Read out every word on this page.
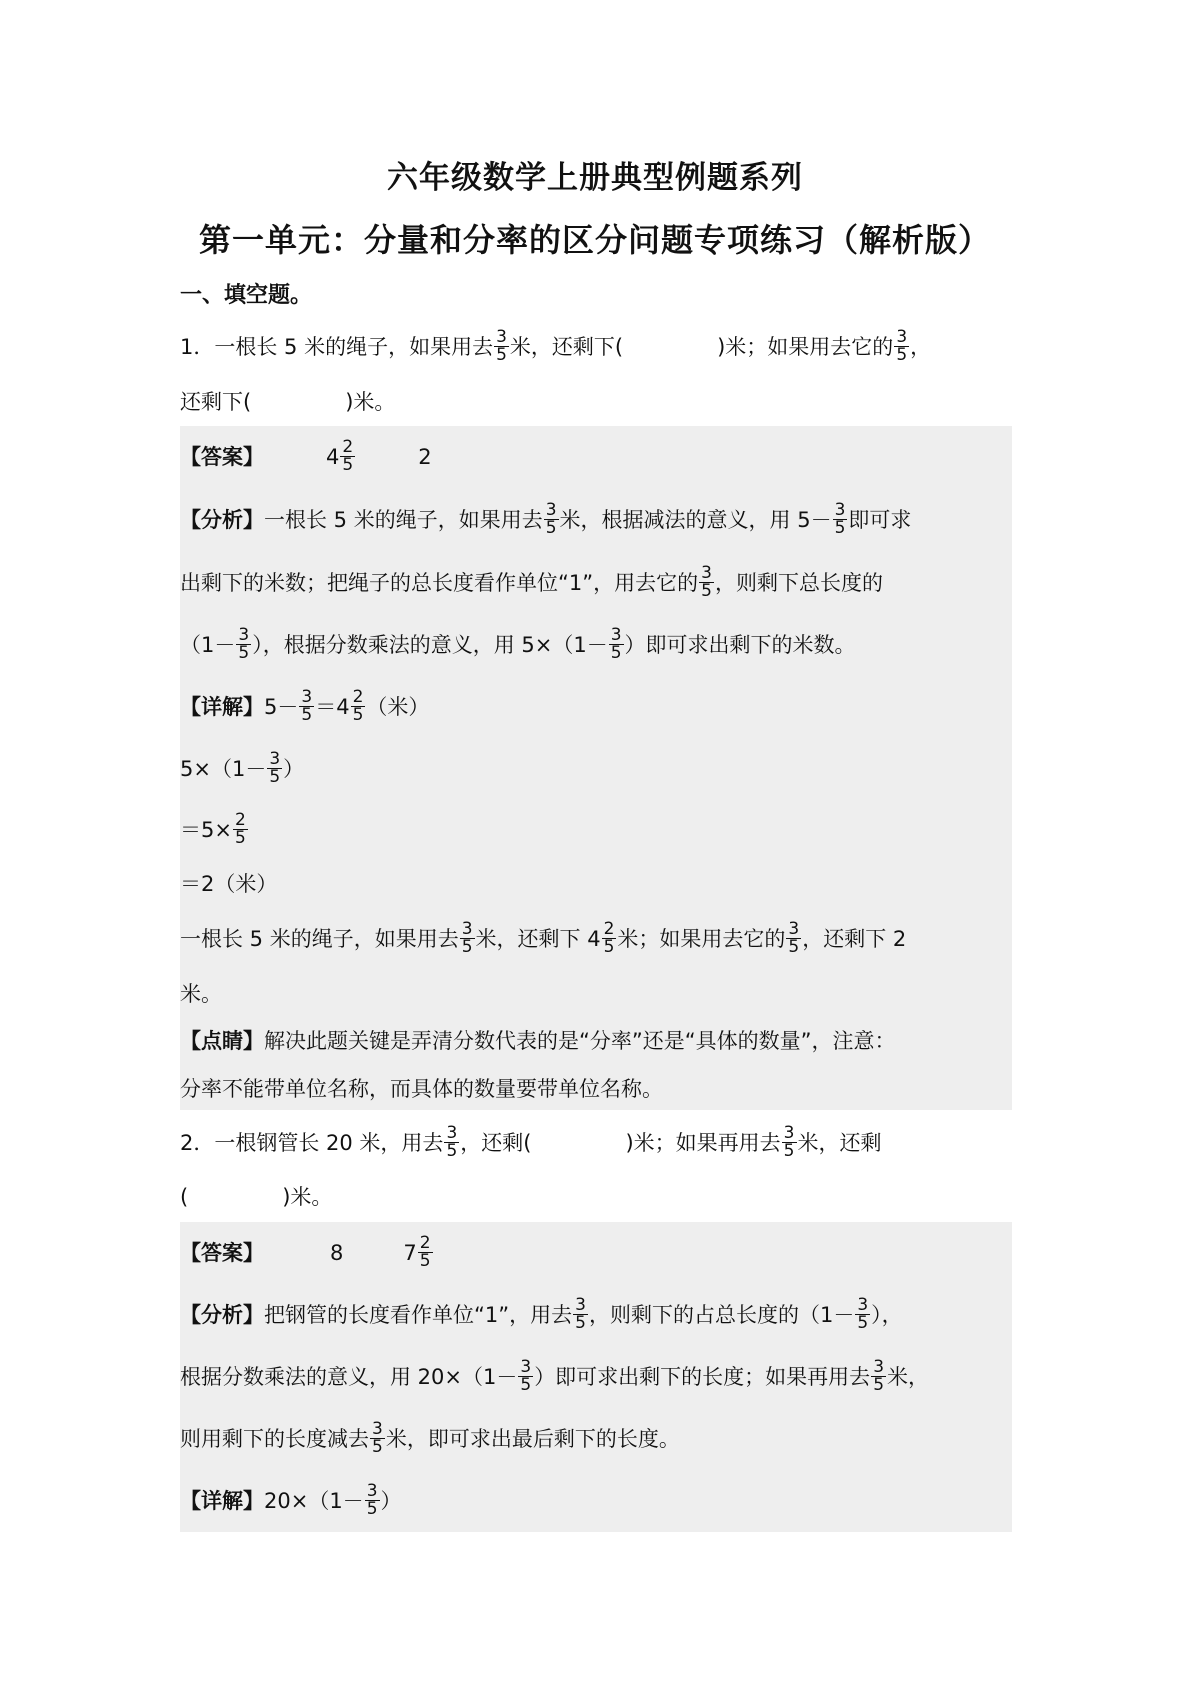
六年级数学上册典型例题系列
第一单元：分量和分率的区分问题专项练习（解析版）
一、填空题。
1．一根长 5 米的绳子，如果用去 $\frac{3}{5}$ 米，还剩下(	)米；如果用去它的 $\frac{3}{5}$ ，
还剩下(	)米。
【答案】	$4 \frac{2}{5}$	2
【分析】一根长 5 米的绳子，如果用去 $\frac{3}{5}$ 米，根据减法的意义，用 $5- \frac{3}{5}$ 即可求
出剩下的米数；把绳子的总长度看作单位“1”，用去它的 $\frac{3}{5}$ ，则剩下总长度的
（$1- \frac{3}{5}$ ），根据分数乘法的意义，用 $5\times(1- \frac{3}{5}$ ）即可求出剩下的米数。
【详解】$5- \frac{3}{5} =4 \frac{2}{5}$ （米）
$5\times(1- \frac{3}{5}$ ）
$=5\times \frac{2}{5}$
＝2（米）
一根长 5 米的绳子，如果用去 $\frac{3}{5}$ 米，还剩下 $4 \frac{2}{5}$ 米；如果用去它的 $\frac{3}{5}$ ，还剩下 2
米。
【点睛】解决此题关键是弄清分数代表的是“分率”还是“具体的数量”，注意：
分率不能带单位名称，而具体的数量要带单位名称。
2．一根钢管长 20 米，用去 $\frac{3}{5}$ ，还剩(	)米；如果再用去 $\frac{3}{5}$ 米，还剩
(	)米。
【答案】	8	$7 \frac{2}{5}$
【分析】把钢管的长度看作单位“1”，用去 $\frac{3}{5}$ ，则剩下的占总长度的（$1- \frac{3}{5}$ ），
根据分数乘法的意义，用 $20\times(1- \frac{3}{5}$ ）即可求出剩下的长度；如果再用去 $\frac{3}{5}$ 米，
则用剩下的长度减去 $\frac{3}{5}$ 米，即可求出最后剩下的长度。
【详解】$20\times(1- \frac{3}{5}$ ）
